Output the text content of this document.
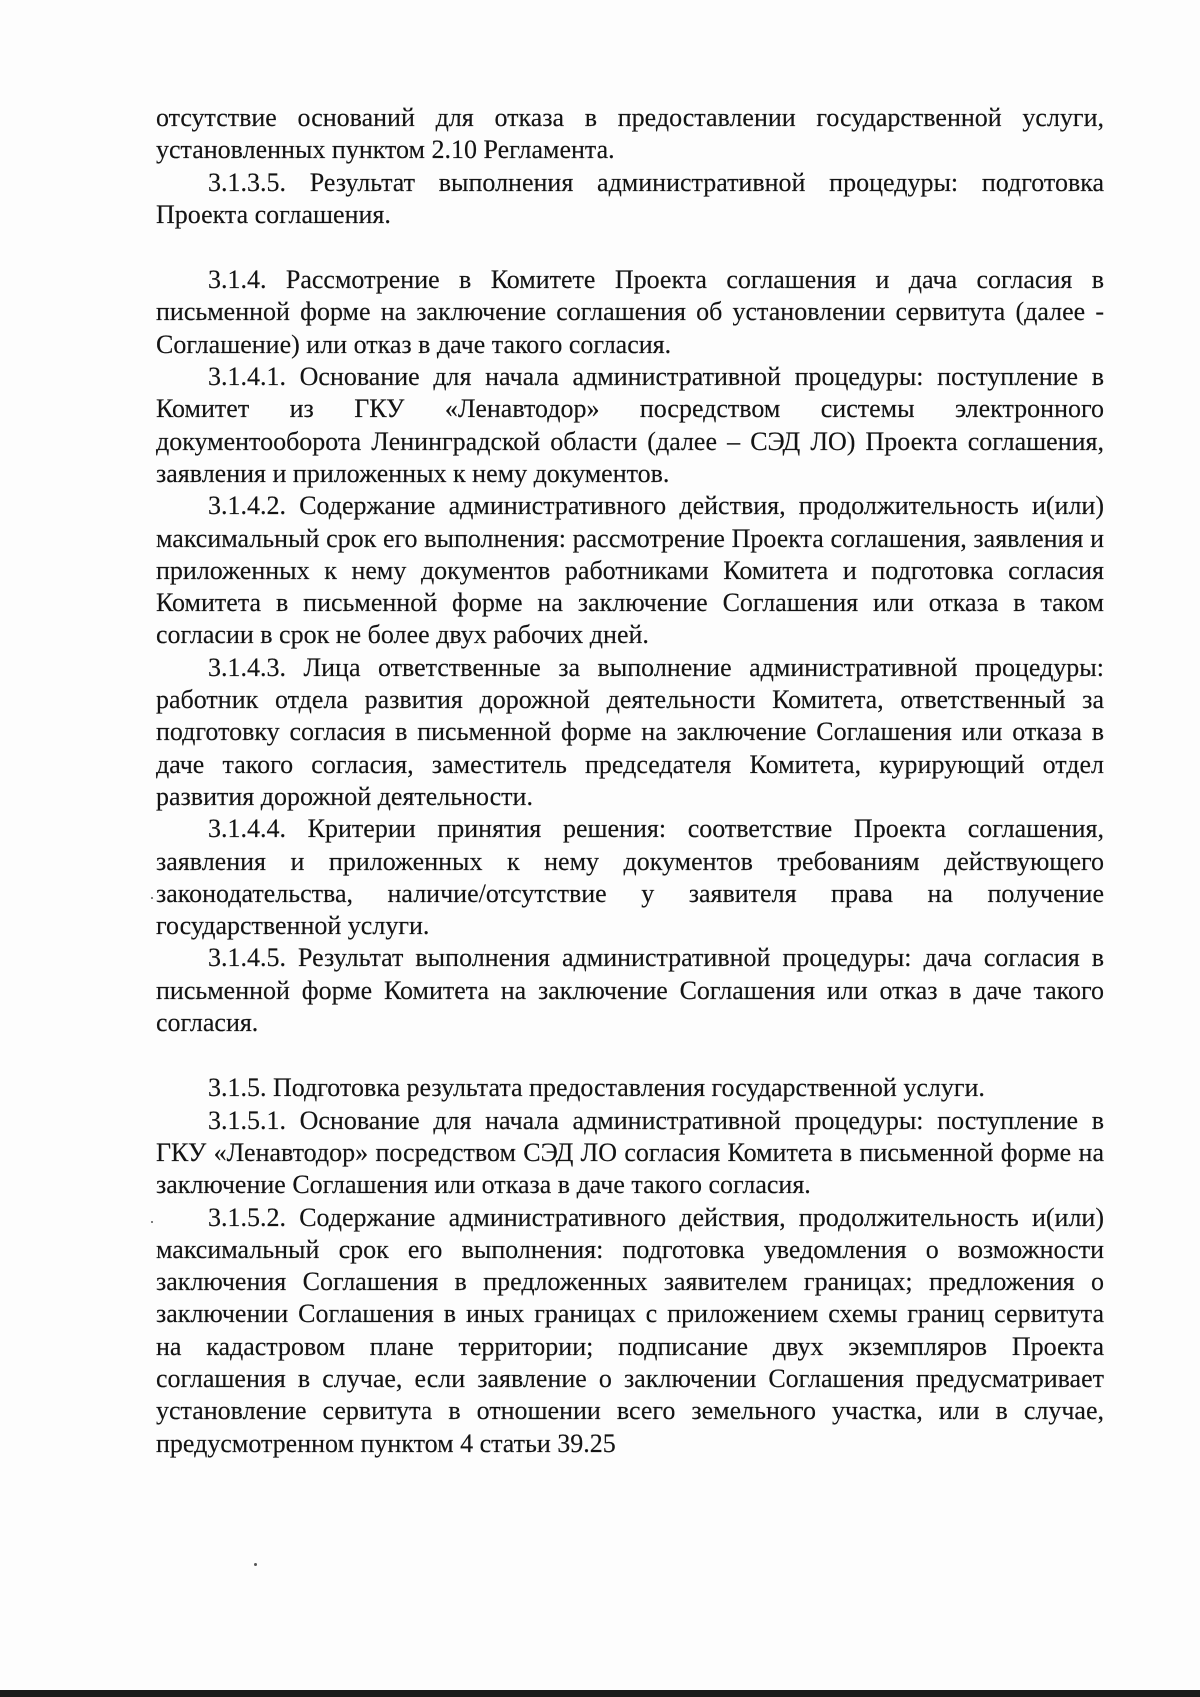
отсутствие оснований для отказа в предоставлении государственной услуги, установленных пунктом 2.10 Регламента.

3.1.3.5. Результат выполнения административной процедуры: подготовка Проекта соглашения.

3.1.4. Рассмотрение в Комитете Проекта соглашения и дача согласия в письменной форме на заключение соглашения об установлении сервитута (далее - Соглашение) или отказ в даче такого согласия.

3.1.4.1. Основание для начала административной процедуры: поступление в Комитет из ГКУ «Ленавтодор» посредством системы электронного документооборота Ленинградской области (далее – СЭД ЛО) Проекта соглашения, заявления и приложенных к нему документов.

3.1.4.2. Содержание административного действия, продолжительность и(или) максимальный срок его выполнения: рассмотрение Проекта соглашения, заявления и приложенных к нему документов работниками Комитета и подготовка согласия Комитета в письменной форме на заключение Соглашения или отказа в таком согласии в срок не более двух рабочих дней.

3.1.4.3. Лица ответственные за выполнение административной процедуры: работник отдела развития дорожной деятельности Комитета, ответственный за подготовку согласия в письменной форме на заключение Соглашения или отказа в даче такого согласия, заместитель председателя Комитета, курирующий отдел развития дорожной деятельности.

3.1.4.4. Критерии принятия решения: соответствие Проекта соглашения, заявления и приложенных к нему документов требованиям действующего законодательства, наличие/отсутствие у заявителя права на получение государственной услуги.

3.1.4.5. Результат выполнения административной процедуры: дача согласия в письменной форме Комитета на заключение Соглашения или отказ в даче такого согласия.

3.1.5. Подготовка результата предоставления государственной услуги.

3.1.5.1. Основание для начала административной процедуры: поступление в ГКУ «Ленавтодор» посредством СЭД ЛО согласия Комитета в письменной форме на заключение Соглашения или отказа в даче такого согласия.

3.1.5.2. Содержание административного действия, продолжительность и(или) максимальный срок его выполнения: подготовка уведомления о возможности заключения Соглашения в предложенных заявителем границах; предложения о заключении Соглашения в иных границах с приложением схемы границ сервитута на кадастровом плане территории; подписание двух экземпляров Проекта соглашения в случае, если заявление о заключении Соглашения предусматривает установление сервитута в отношении всего земельного участка, или в случае, предусмотренном пунктом 4 статьи 39.25
